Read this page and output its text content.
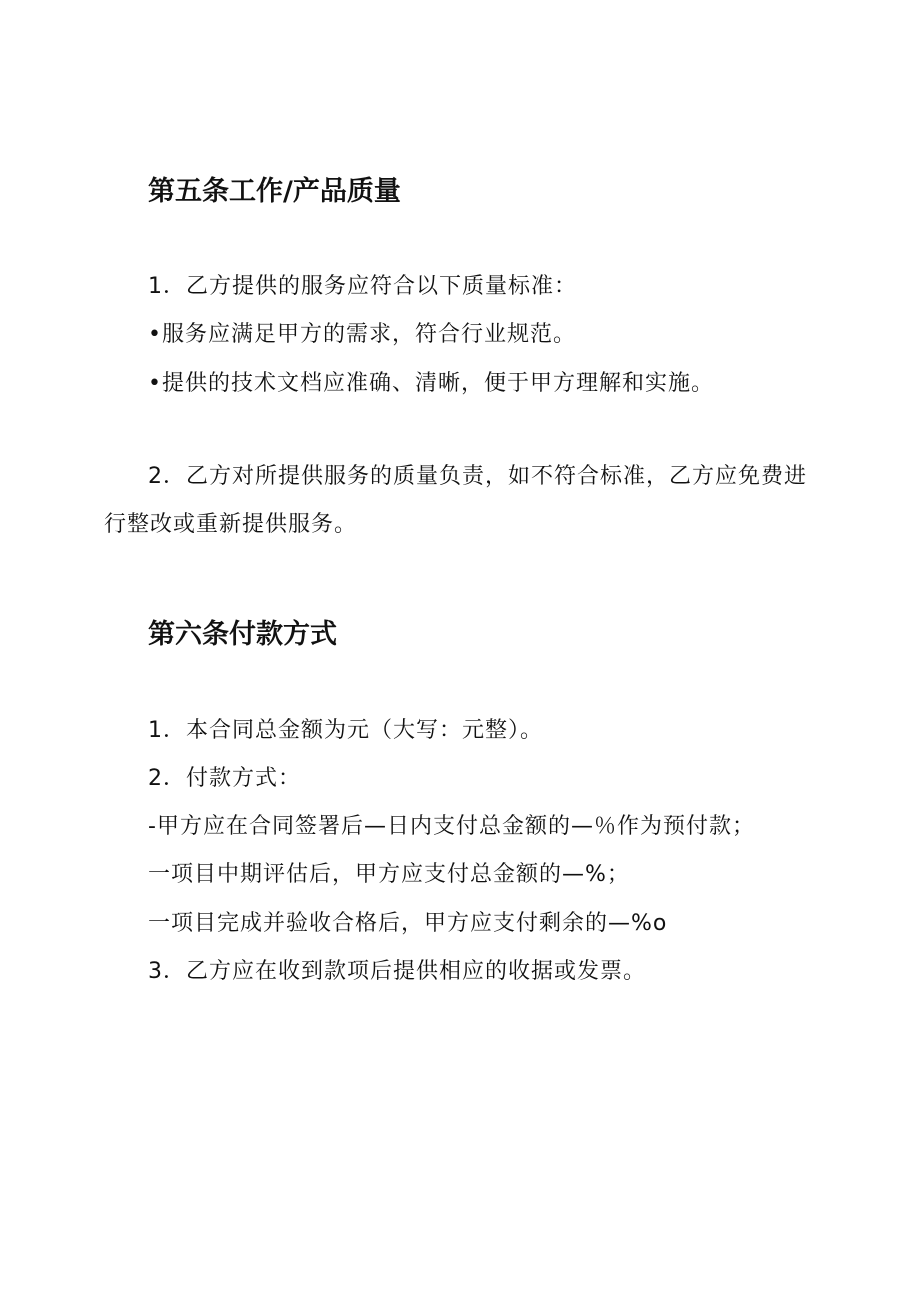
第五条工作/产品质量
1．乙方提供的服务应符合以下质量标准：
•服务应满足甲方的需求，符合行业规范。
•提供的技术文档应准确、清晰，便于甲方理解和实施。
2．乙方对所提供服务的质量负责，如不符合标准，乙方应免费进
行整改或重新提供服务。
第六条付款方式
1．本合同总金额为元（大写：元整）。
2．付款方式：
-甲方应在合同签署后—日内支付总金额的—％作为预付款；
一项目中期评估后，甲方应支付总金额的—%；
一项目完成并验收合格后，甲方应支付剩余的—%o
3．乙方应在收到款项后提供相应的收据或发票。
